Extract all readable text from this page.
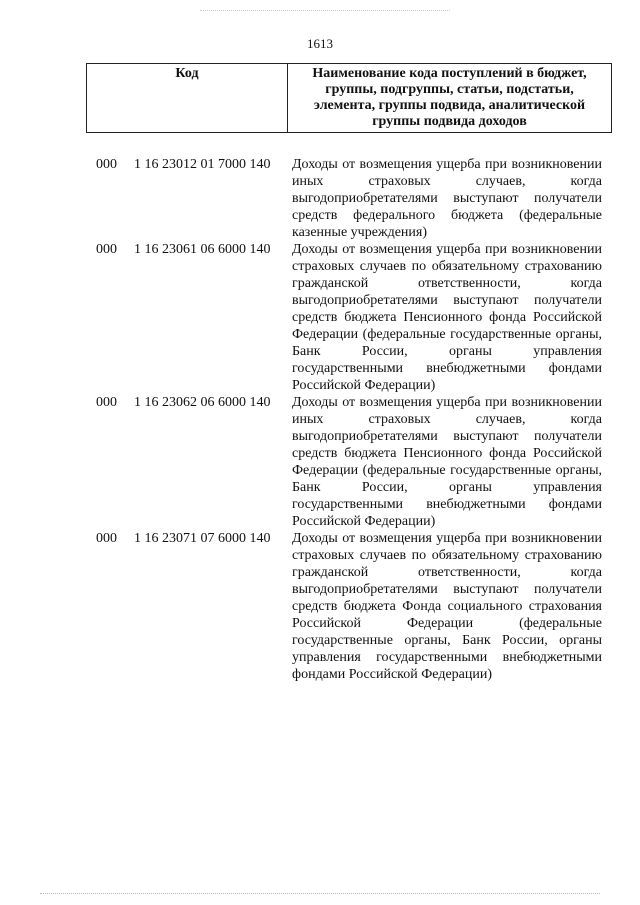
1613
Код	Наименование кода поступлений в бюджет, группы, подгруппы, статьи, подстатьи, элемента, группы подвида, аналитической группы подвида доходов
000 1 16 23012 01 7000 140 Доходы от возмещения ущерба при возникновении иных страховых случаев, когда выгодоприобретателями выступают получатели средств федерального бюджета (федеральные казенные учреждения)
000 1 16 23061 06 6000 140 Доходы от возмещения ущерба при возникновении страховых случаев по обязательному страхованию гражданской ответственности, когда выгодоприобретателями выступают получатели средств бюджета Пенсионного фонда Российской Федерации (федеральные государственные органы, Банк России, органы управления государственными внебюджетными фондами Российской Федерации)
000 1 16 23062 06 6000 140 Доходы от возмещения ущерба при возникновении иных страховых случаев, когда выгодоприобретателями выступают получатели средств бюджета Пенсионного фонда Российской Федерации (федеральные государственные органы, Банк России, органы управления государственными внебюджетными фондами Российской Федерации)
000 1 16 23071 07 6000 140 Доходы от возмещения ущерба при возникновении страховых случаев по обязательному страхованию гражданской ответственности, когда выгодоприобретателями выступают получатели средств бюджета Фонда социального страхования Российской Федерации (федеральные государственные органы, Банк России, органы управления государственными внебюджетными фондами Российской Федерации)
